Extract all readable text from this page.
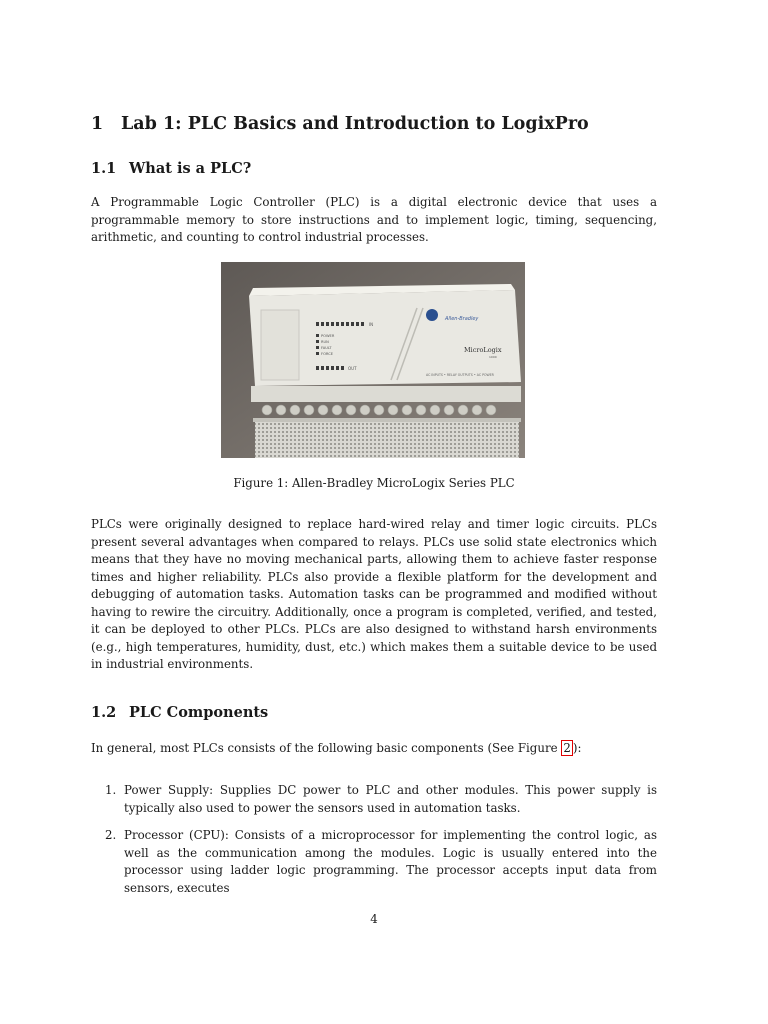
1 Lab 1: PLC Basics and Introduction to LogixPro
1.1 What is a PLC?

A Programmable Logic Controller (PLC) is a digital electronic device that uses a programmable memory to store instructions and to implement logic, timing, sequencing, arithmetic, and counting to control industrial processes.

IN
OUT
POWER
RUN
FAULT
FORCE
Allen-Bradley
MicroLogix
1000
AC INPUTS • RELAY OUTPUTS • AC POWER
Figure 1: Allen-Bradley MicroLogix Series PLC

PLCs were originally designed to replace hard-wired relay and timer logic circuits. PLCs present several advantages when compared to relays. PLCs use solid state electronics which means that they have no moving mechanical parts, allowing them to achieve faster response times and higher reliability. PLCs also provide a flexible platform for the development and debugging of automation tasks. Automation tasks can be programmed and modified without having to rewire the circuitry. Additionally, once a program is completed, verified, and tested, it can be deployed to other PLCs. PLCs are also designed to withstand harsh environments (e.g., high temperatures, humidity, dust, etc.) which makes them a suitable device to be used in industrial environments.

1.2 PLC Components

In general, most PLCs consists of the following basic components (See Figure 2 ):

1. Power Supply: Supplies DC power to PLC and other modules. This power supply is typically also used to power the sensors used in automation tasks.
2. Processor (CPU): Consists of a microprocessor for implementing the control logic, as well as the communication among the modules. Logic is usually entered into the processor using ladder logic programming. The processor accepts input data from sensors, executes
4
